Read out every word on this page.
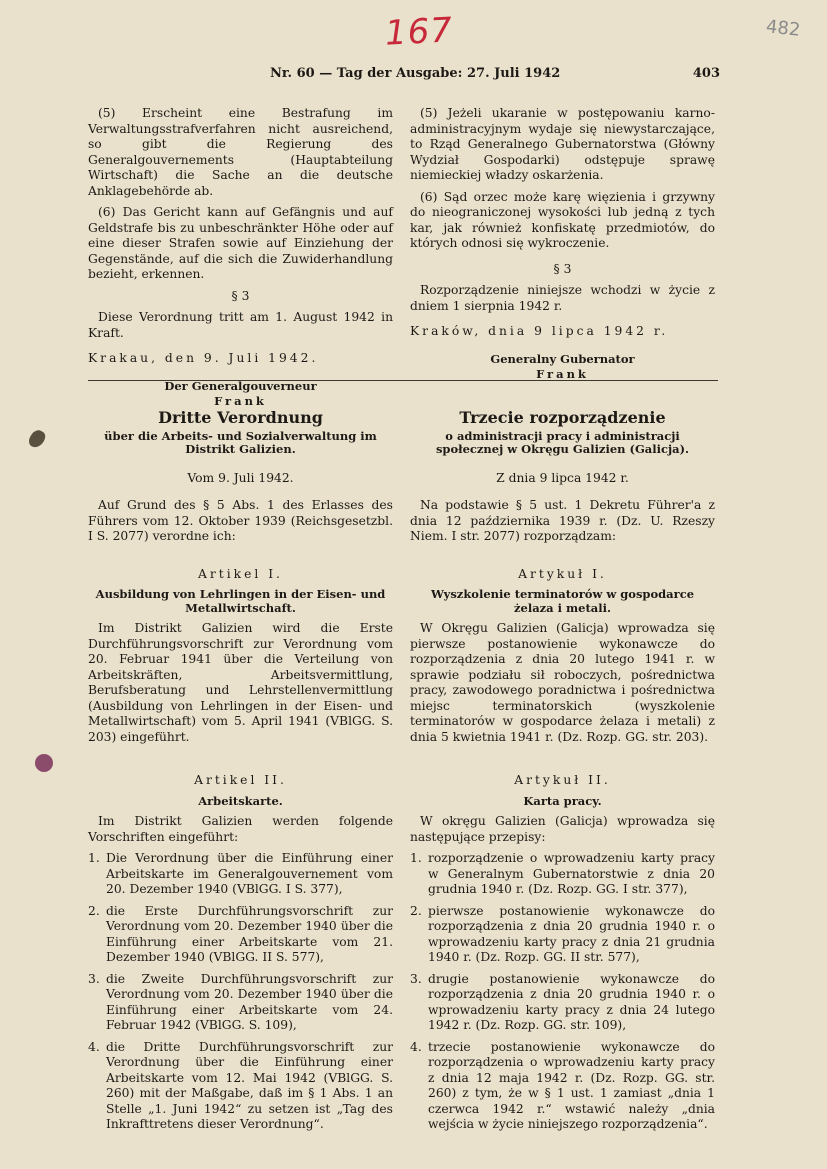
167	482
Nr. 60 — Tag der Ausgabe: 27. Juli 1942	403

(5) Erscheint eine Bestrafung im Verwaltungsstrafverfahren nicht ausreichend, so gibt die Regierung des Generalgouvernements (Hauptabteilung Wirtschaft) die Sache an die deutsche Anklagebehörde ab.

(6) Das Gericht kann auf Gefängnis und auf Geldstrafe bis zu unbeschränkter Höhe oder auf eine dieser Strafen sowie auf Einziehung der Gegenstände, auf die sich die Zuwiderhandlung bezieht, erkennen.

§ 3

Diese Verordnung tritt am 1. August 1942 in Kraft.

Krakau, den 9. Juli 1942.

Der Generalgouverneur
Frank

(5) Jeżeli ukaranie w postępowaniu karno-administracyjnym wydaje się niewystarczające, to Rząd Generalnego Gubernatorstwa (Główny Wydział Gospodarki) odstępuje sprawę niemieckiej władzy oskarżenia.

(6) Sąd orzec może karę więzienia i grzywny do nieograniczonej wysokości lub jedną z tych kar, jak również konfiskatę przedmiotów, do których odnosi się wykroczenie.

§ 3

Rozporządzenie niniejsze wchodzi w życie z dniem 1 sierpnia 1942 r.

Kraków, dnia 9 lipca 1942 r.

Generalny Gubernator
Frank
Dritte Verordnung
über die Arbeits- und Sozialverwaltung im Distrikt Galizien.
Vom 9. Juli 1942.

Auf Grund des § 5 Abs. 1 des Erlasses des Führers vom 12. Oktober 1939 (Reichsgesetzbl. I S. 2077) verordne ich:

Artikel I.
Ausbildung von Lehrlingen in der Eisen- und Metallwirtschaft.

Im Distrikt Galizien wird die Erste Durchführungsvorschrift zur Verordnung vom 20. Februar 1941 über die Verteilung von Arbeitskräften, Arbeitsvermittlung, Berufsberatung und Lehrstellenvermittlung (Ausbildung von Lehrlingen in der Eisen- und Metallwirtschaft) vom 5. April 1941 (VBlGG. S. 203) eingeführt.

Artikel II.
Arbeitskarte.

Im Distrikt Galizien werden folgende Vorschriften eingeführt:

1. Die Verordnung über die Einführung einer Arbeitskarte im Generalgouvernement vom 20. Dezember 1940 (VBlGG. I S. 377),
2. die Erste Durchführungsvorschrift zur Verordnung vom 20. Dezember 1940 über die Einführung einer Arbeitskarte vom 21. Dezember 1940 (VBlGG. II S. 577),
3. die Zweite Durchführungsvorschrift zur Verordnung vom 20. Dezember 1940 über die Einführung einer Arbeitskarte vom 24. Februar 1942 (VBlGG. S. 109),
4. die Dritte Durchführungsvorschrift zur Verordnung über die Einführung einer Arbeitskarte vom 12. Mai 1942 (VBlGG. S. 260) mit der Maßgabe, daß im § 1 Abs. 1 an Stelle „1. Juni 1942“ zu setzen ist „Tag des Inkrafttretens dieser Verordnung“.
Trzecie rozporządzenie
o administracji pracy i administracji społecznej w Okręgu Galizien (Galicja).
Z dnia 9 lipca 1942 r.

Na podstawie § 5 ust. 1 Dekretu Führer'a z dnia 12 października 1939 r. (Dz. U. Rzeszy Niem. I str. 2077) rozporządzam:

Artykuł I.
Wyszkolenie terminatorów w gospodarce żelaza i metali.

W Okręgu Galizien (Galicja) wprowadza się pierwsze postanowienie wykonawcze do rozporządzenia z dnia 20 lutego 1941 r. w sprawie podziału sił roboczych, pośrednictwa pracy, zawodowego poradnictwa i pośrednictwa miejsc terminatorskich (wyszkolenie terminatorów w gospodarce żelaza i metali) z dnia 5 kwietnia 1941 r. (Dz. Rozp. GG. str. 203).

Artykuł II.
Karta pracy.

W okręgu Galizien (Galicja) wprowadza się następujące przepisy:

1. rozporządzenie o wprowadzeniu karty pracy w Generalnym Gubernatorstwie z dnia 20 grudnia 1940 r. (Dz. Rozp. GG. I str. 377),
2. pierwsze postanowienie wykonawcze do rozporządzenia z dnia 20 grudnia 1940 r. o wprowadzeniu karty pracy z dnia 21 grudnia 1940 r. (Dz. Rozp. GG. II str. 577),
3. drugie postanowienie wykonawcze do rozporządzenia z dnia 20 grudnia 1940 r. o wprowadzeniu karty pracy z dnia 24 lutego 1942 r. (Dz. Rozp. GG. str. 109),
4. trzecie postanowienie wykonawcze do rozporządzenia o wprowadzeniu karty pracy z dnia 12 maja 1942 r. (Dz. Rozp. GG. str. 260) z tym, że w § 1 ust. 1 zamiast „dnia 1 czerwca 1942 r.“ wstawić należy „dnia wejścia w życie niniejszego rozporządzenia“.
